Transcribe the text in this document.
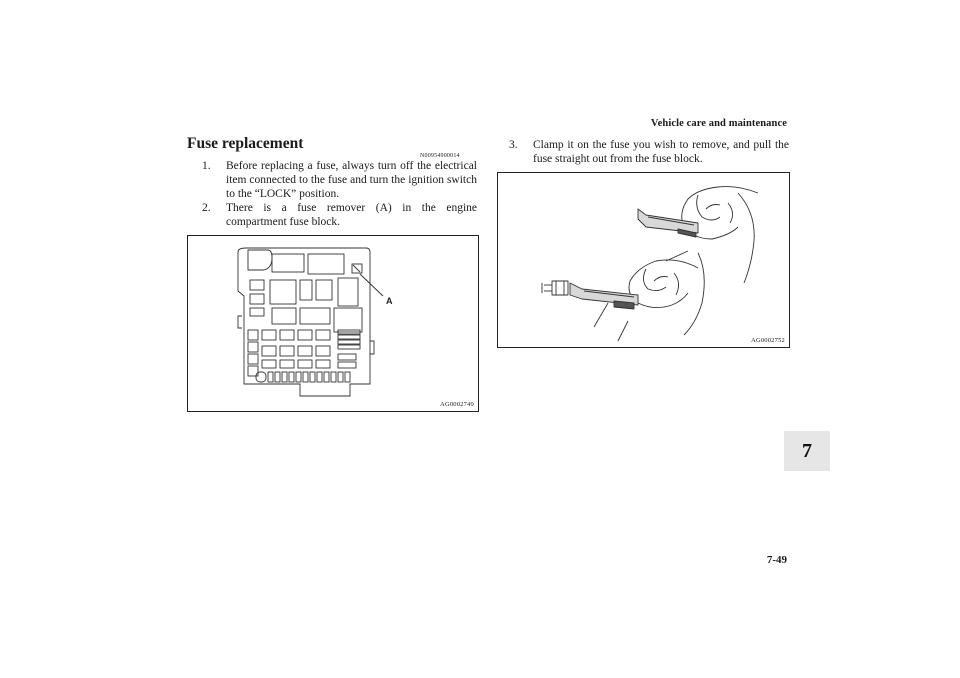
Vehicle care and maintenance
Fuse replacement
N00954900014
1.	Before replacing a fuse, always turn off the electrical item connected to the fuse and turn the ignition switch to the “LOCK” position.
2.	There is a fuse remover (A) in the engine compartment fuse block.
3.	Clamp it on the fuse you wish to remove, and pull the fuse straight out from the fuse block.
A
AG0002749
AG0002752
7
7-49
